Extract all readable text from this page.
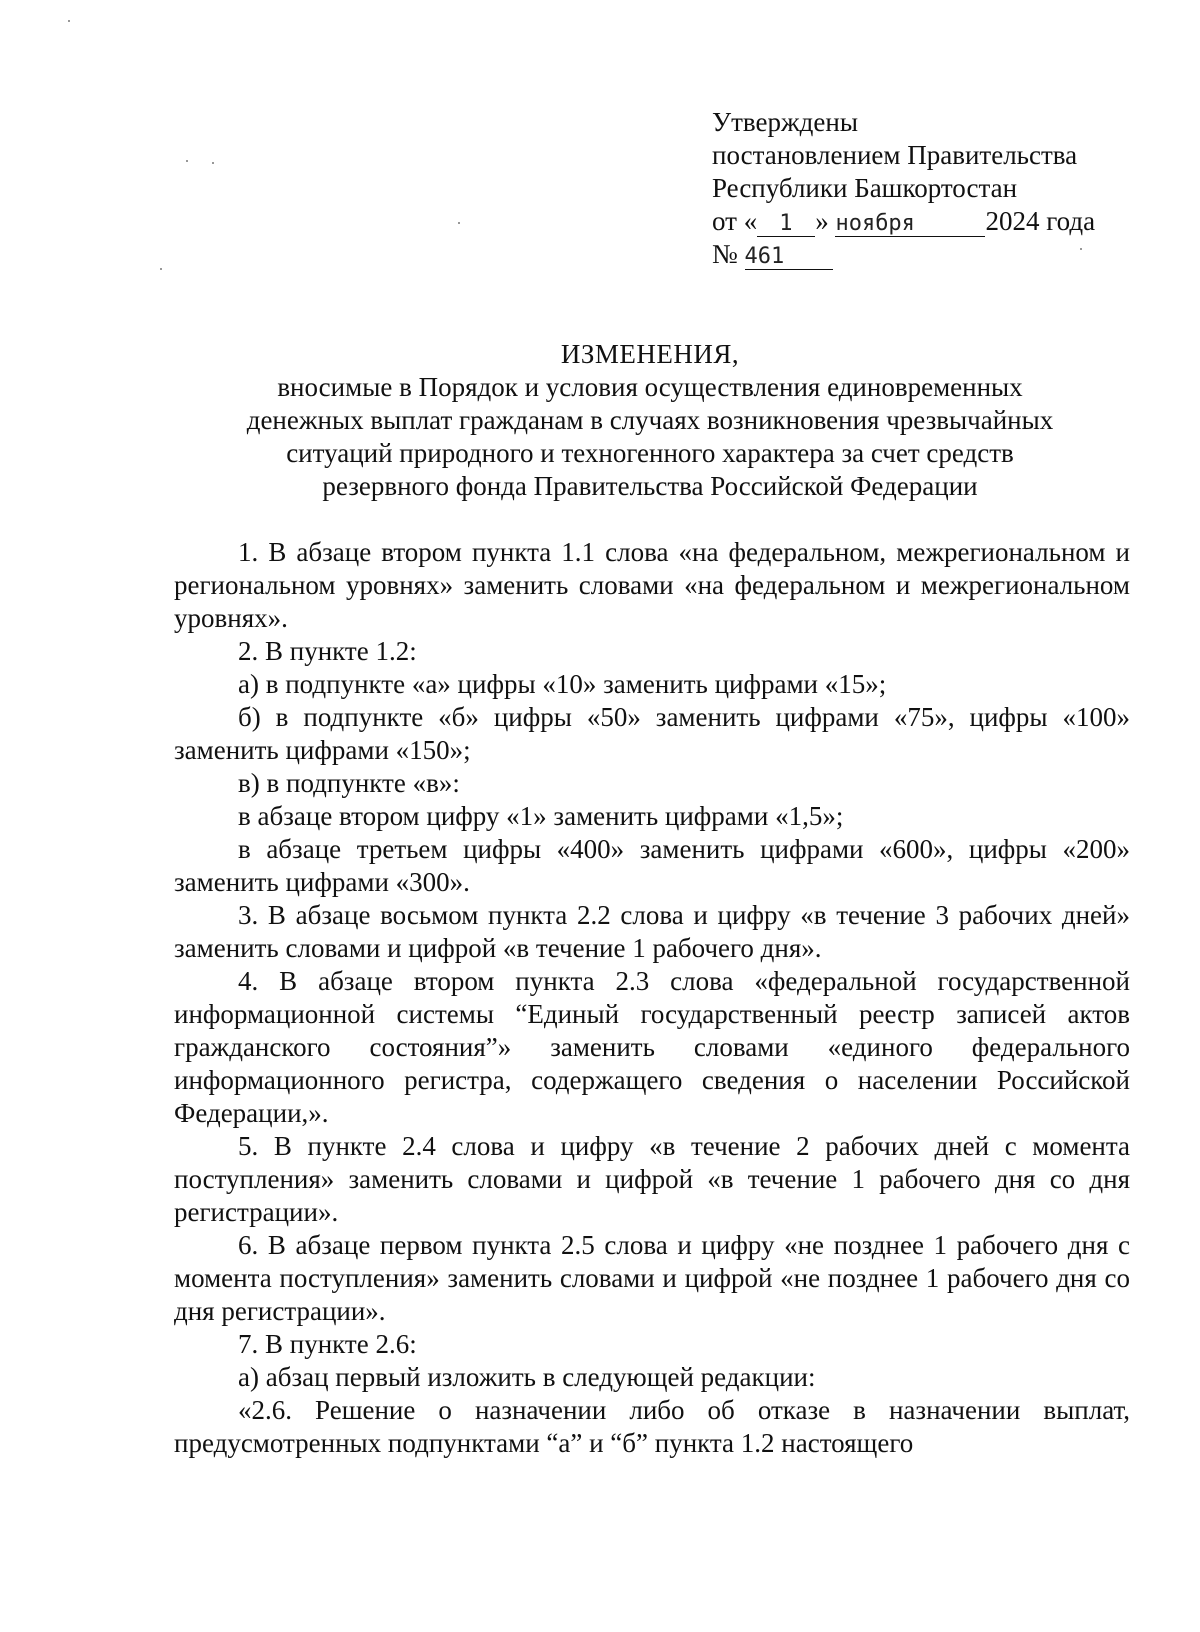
Утверждены
постановлением Правительства
Республики Башкортостан
от « 1 » ноября	2024 года
№ 461
ИЗМЕНЕНИЯ,
вносимые в Порядок и условия осуществления единовременных
денежных выплат гражданам в случаях возникновения чрезвычайных
ситуаций природного и техногенного характера за счет средств
резервного фонда Правительства Российской Федерации

1. В абзаце втором пункта 1.1 слова «на федеральном, межрегиональном и региональном уровнях» заменить словами «на федеральном и межрегиональном уровнях».

2. В пункте 1.2:

а) в подпункте «а» цифры «10» заменить цифрами «15»;

б) в подпункте «б» цифры «50» заменить цифрами «75», цифры «100» заменить цифрами «150»;

в) в подпункте «в»:

в абзаце втором цифру «1» заменить цифрами «1,5»;

в абзаце третьем цифры «400» заменить цифрами «600», цифры «200» заменить цифрами «300».

3. В абзаце восьмом пункта 2.2 слова и цифру «в течение 3 рабочих дней» заменить словами и цифрой «в течение 1 рабочего дня».

4. В абзаце втором пункта 2.3 слова «федеральной государственной информационной системы “Единый государственный реестр записей актов гражданского состояния”» заменить словами «единого федерального информационного регистра, содержащего сведения о населении Российской Федерации,».

5. В пункте 2.4 слова и цифру «в течение 2 рабочих дней с момента поступления» заменить словами и цифрой «в течение 1 рабочего дня со дня регистрации».

6. В абзаце первом пункта 2.5 слова и цифру «не позднее 1 рабочего дня с момента поступления» заменить словами и цифрой «не позднее 1 рабочего дня со дня регистрации».

7. В пункте 2.6:

а) абзац первый изложить в следующей редакции:

«2.6. Решение о назначении либо об отказе в назначении выплат, предусмотренных подпунктами “а” и “б” пункта 1.2 настоящего
